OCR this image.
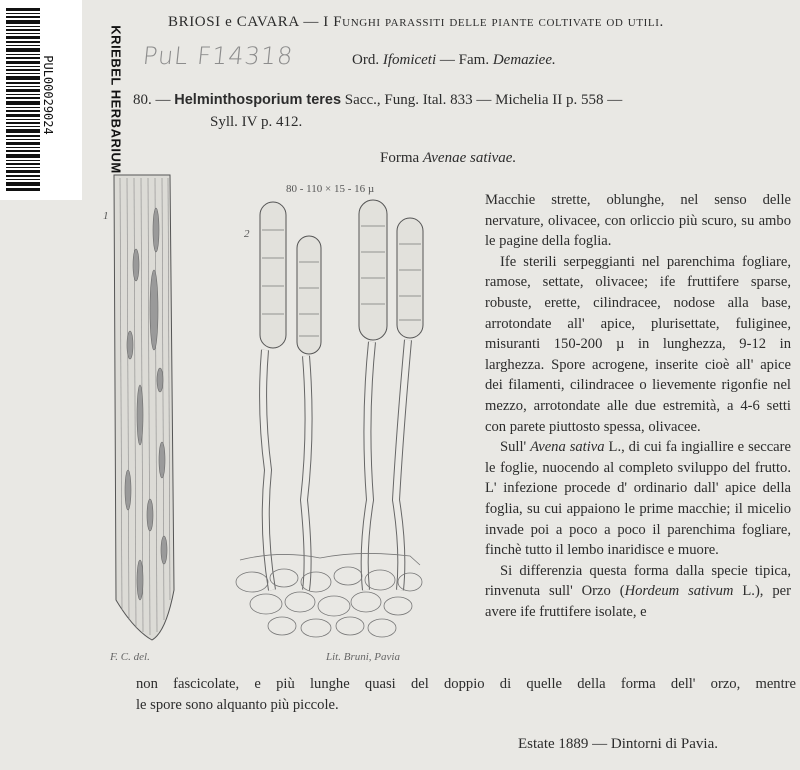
PUL00029024	KRIEBEL HERBARIUM
BRIOSI e CAVARA — I Funghi parassiti delle piante coltivate od utili.
PuL F14318	Ord. Ifomiceti — Fam. Demaziee.
80. — Helminthosporium teres Sacc., Fung. Ital. 833 — Michelia II p. 558 —
Syll. IV p. 412.
Forma Avenae sativae.
1
2
80 - 110 × 15 - 16 µ
F. C. del.	Lit. Bruni, Pavia

Macchie strette, oblunghe, nel senso delle nervature, olivacee, con orliccio più scuro, su ambo le pagine della foglia.

Ife sterili serpeggianti nel parenchima fogliare, ramose, settate, olivacee; ife fruttifere sparse, robuste, erette, cilindracee, nodose alla base, arrotondate all' apice, plurisettate, fuliginee, misuranti 150-200 µ in lunghezza, 9-12 in larghezza. Spore acrogene, inserite cioè all' apice dei filamenti, cilindracee o lievemente rigonfie nel mezzo, arrotondate alle due estremità, a 4-6 setti con parete piuttosto spessa, olivacee.

Sull' Avena sativa L., di cui fa ingiallire e seccare le foglie, nuocendo al completo sviluppo del frutto. L' infezione procede d' ordinario dall' apice della foglia, su cui appaiono le prime macchie; il micelio invade poi a poco a poco il parenchima fogliare, finchè tutto il lembo inaridisce e muore.

Si differenzia questa forma dalla specie tipica, rinvenuta sull' Orzo (Hordeum sativum L.), per avere ife fruttifere isolate, e

non fascicolate, e più lunghe quasi del doppio di quelle della forma dell' orzo, mentre

le spore sono alquanto più piccole.

Estate 1889 — Dintorni di Pavia.
